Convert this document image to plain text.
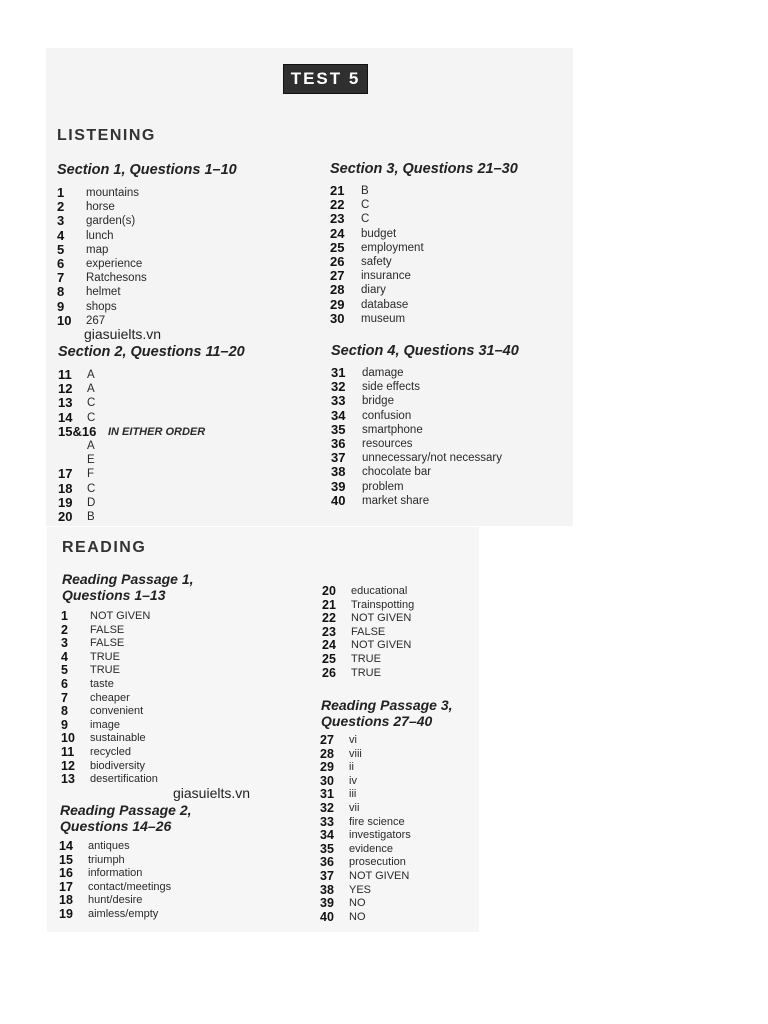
TEST 5
LISTENING
Section 1, Questions 1–10
1 mountains
2 horse
3 garden(s)
4 lunch
5 map
6 experience
7 Ratchesons
8 helmet
9 shops
10 267
giasuielts.vn
Section 2, Questions 11–20
11 A
12 A
13 C
14 C
15&16 IN EITHER ORDER
A
E
17 F
18 C
19 D
20 B
Section 3, Questions 21–30
21 B
22 C
23 C
24 budget
25 employment
26 safety
27 insurance
28 diary
29 database
30 museum
Section 4, Questions 31–40
31 damage
32 side effects
33 bridge
34 confusion
35 smartphone
36 resources
37 unnecessary/not necessary
38 chocolate bar
39 problem
40 market share
READING
Reading Passage 1,
Questions 1–13
1 NOT GIVEN
2 FALSE
3 FALSE
4 TRUE
5 TRUE
6 taste
7 cheaper
8 convenient
9 image
10 sustainable
11 recycled
12 biodiversity
13 desertification
giasuielts.vn
Reading Passage 2,
Questions 14–26
14 antiques
15 triumph
16 information
17 contact/meetings
18 hunt/desire
19 aimless/empty
20 educational
21 Trainspotting
22 NOT GIVEN
23 FALSE
24 NOT GIVEN
25 TRUE
26 TRUE
Reading Passage 3,
Questions 27–40
27 vi
28 viii
29 ii
30 iv
31 iii
32 vii
33 fire science
34 investigators
35 evidence
36 prosecution
37 NOT GIVEN
38 YES
39 NO
40 NO
